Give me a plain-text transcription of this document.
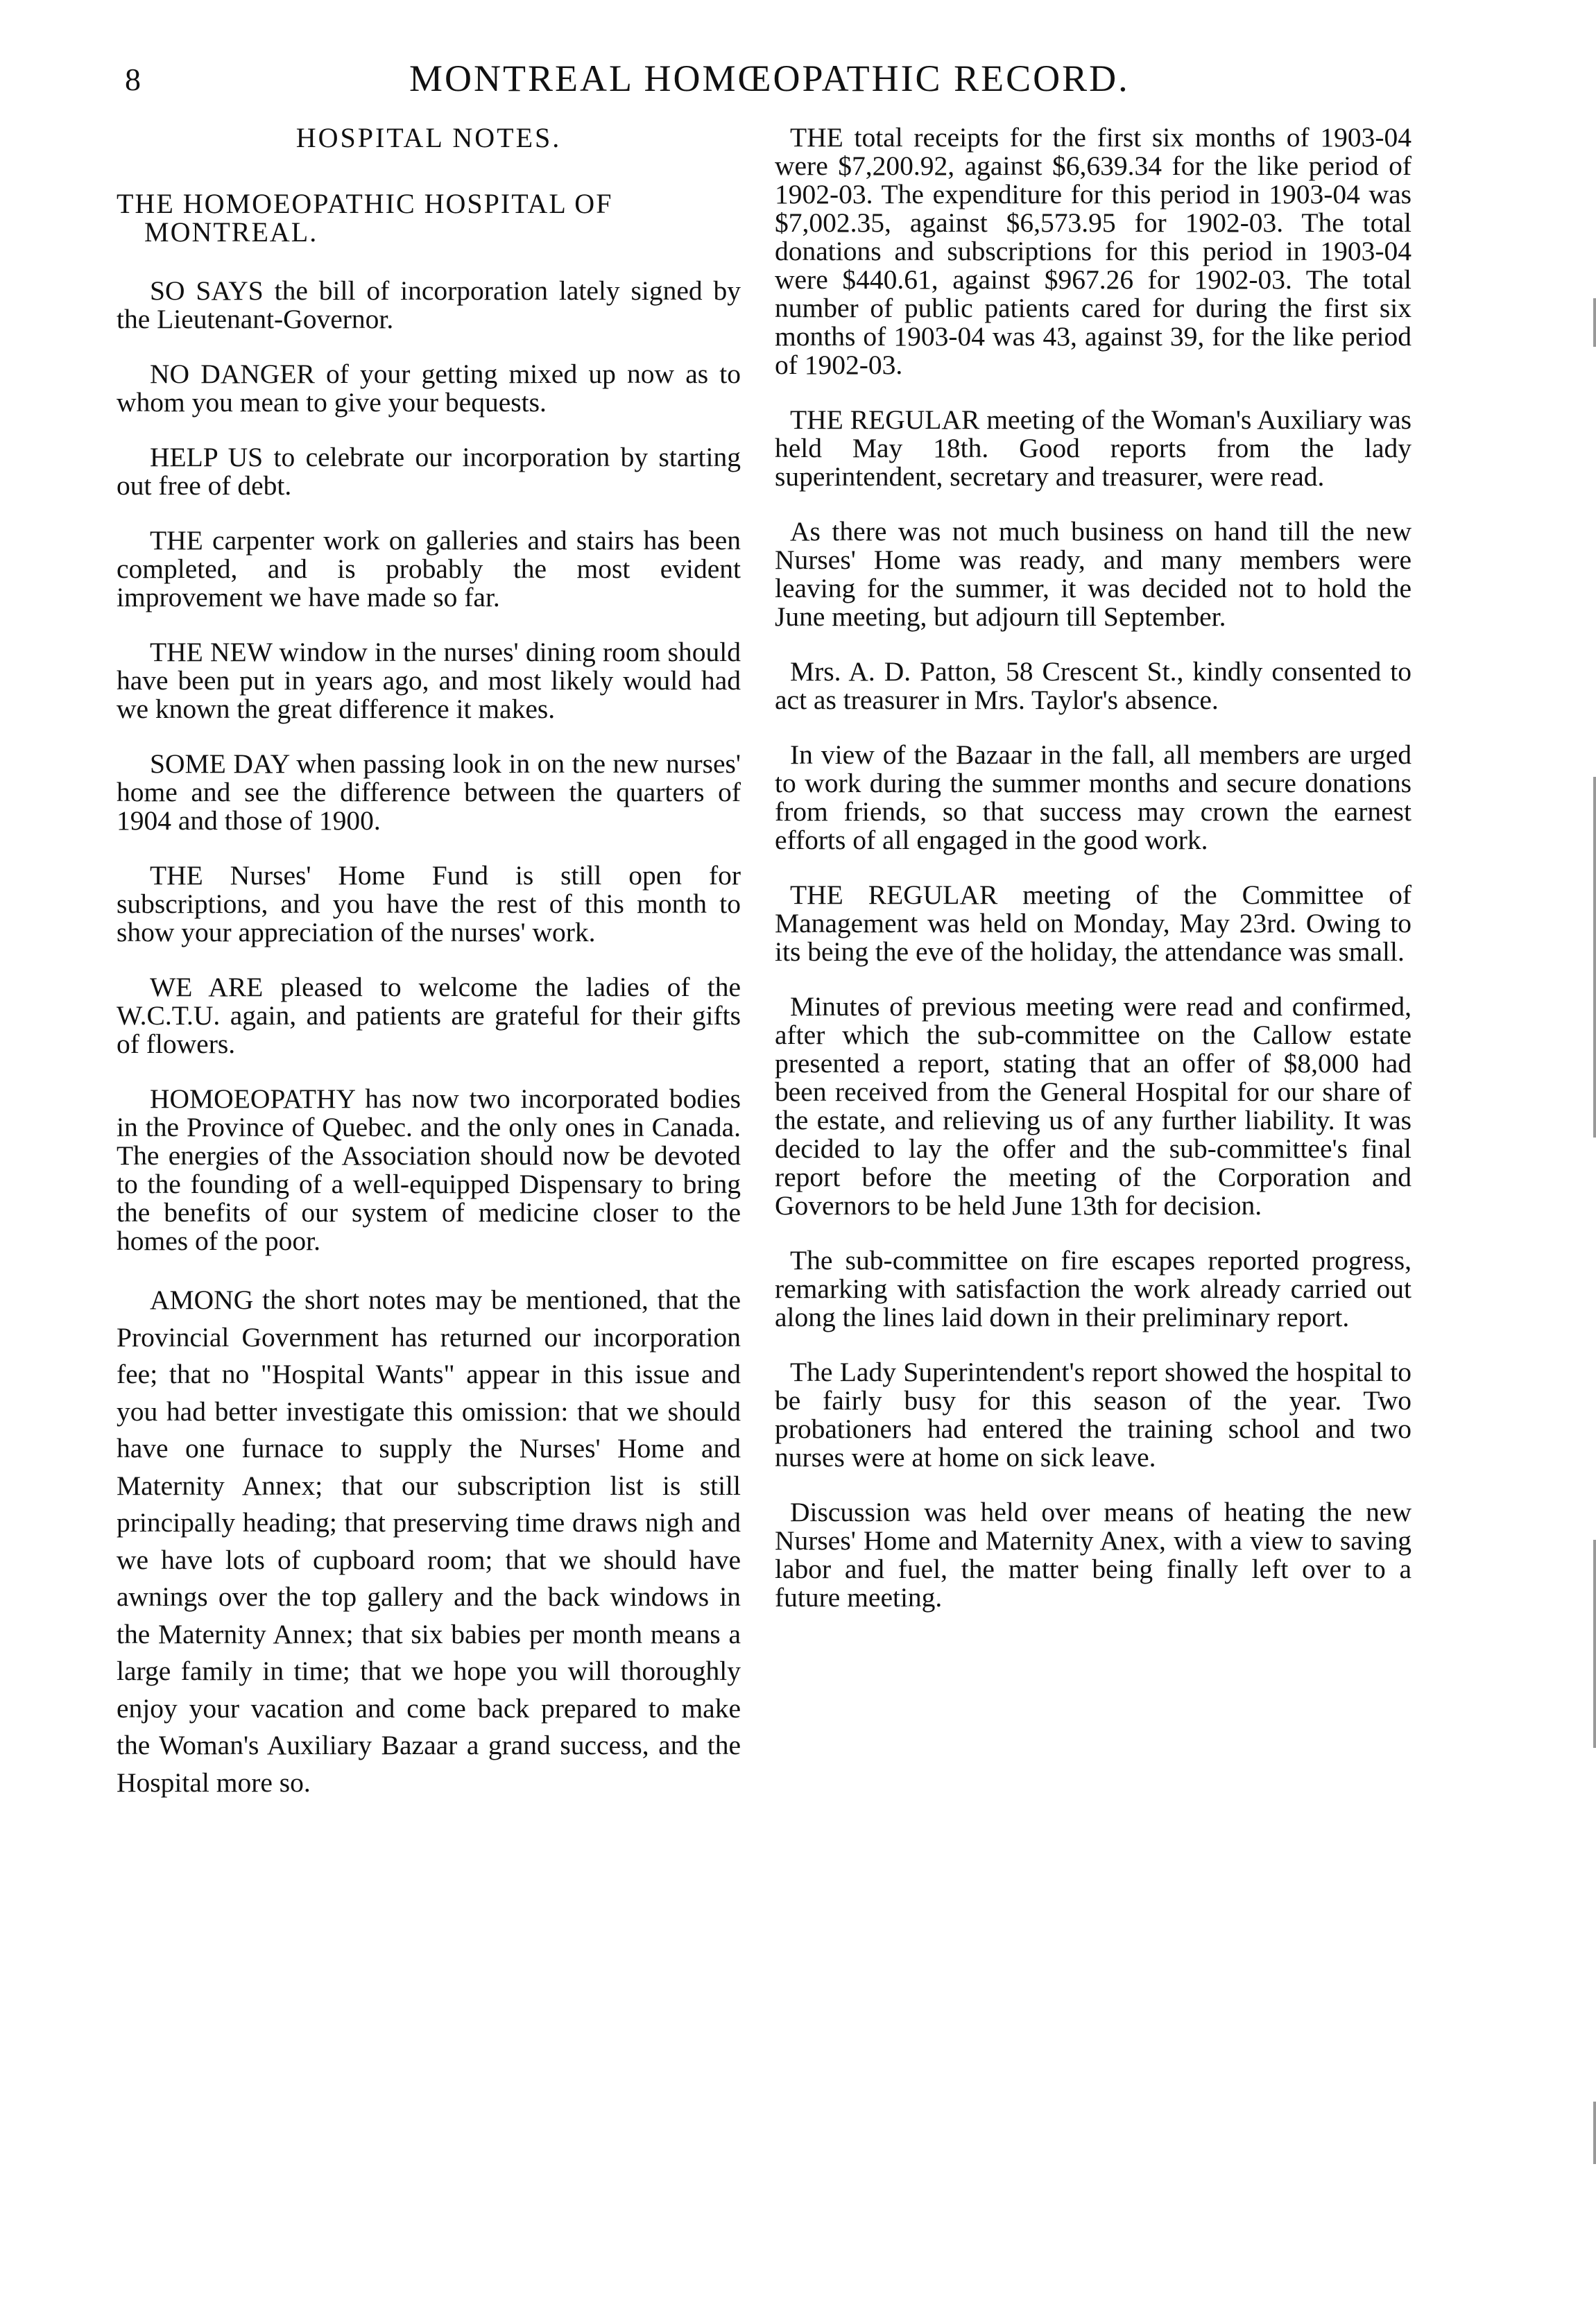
8	MONTREAL HOMŒOPATHIC RECORD.
HOSPITAL NOTES.
THE HOMOEOPATHIC HOSPITAL OF MONTREAL.

SO SAYS the bill of incorporation lately signed by the Lieutenant-Governor.

NO DANGER of your getting mixed up now as to whom you mean to give your bequests.

HELP US to celebrate our incorporation by starting out free of debt.

THE carpenter work on galleries and stairs has been completed, and is probably the most evident improvement we have made so far.

THE NEW window in the nurses' dining room should have been put in years ago, and most likely would had we known the great difference it makes.

SOME DAY when passing look in on the new nurses' home and see the difference between the quarters of 1904 and those of 1900.

THE Nurses' Home Fund is still open for subscriptions, and you have the rest of this month to show your appreciation of the nurses' work.

WE ARE pleased to welcome the ladies of the W.C.T.U. again, and patients are grateful for their gifts of flowers.

HOMOEOPATHY has now two incorporated bodies in the Province of Quebec. and the only ones in Canada. The energies of the Association should now be devoted to the founding of a well-equipped Dispensary to bring the benefits of our system of medicine closer to the homes of the poor.

AMONG the short notes may be mentioned, that the Provincial Government has returned our incorporation fee; that no "Hospital Wants" appear in this issue and you had better investigate this omission: that we should have one furnace to supply the Nurses' Home and Maternity Annex; that our subscription list is still principally heading; that preserving time draws nigh and we have lots of cupboard room; that we should have awnings over the top gallery and the back windows in the Maternity Annex; that six babies per month means a large family in time; that we hope you will thoroughly enjoy your vacation and come back prepared to make the Woman's Auxiliary Bazaar a grand success, and the Hospital more so.

THE total receipts for the first six months of 1903-04 were $7,200.92, against $6,639.34 for the like period of 1902-03. The expenditure for this period in 1903-04 was $7,002.35, against $6,573.95 for 1902-03. The total donations and subscriptions for this period in 1903-04 were $440.61, against $967.26 for 1902-03. The total number of public patients cared for during the first six months of 1903-04 was 43, against 39, for the like period of 1902-03.

THE REGULAR meeting of the Woman's Auxiliary was held May 18th. Good reports from the lady superintendent, secretary and treasurer, were read.

As there was not much business on hand till the new Nurses' Home was ready, and many members were leaving for the summer, it was decided not to hold the June meeting, but adjourn till September.

Mrs. A. D. Patton, 58 Crescent St., kindly consented to act as treasurer in Mrs. Taylor's absence.

In view of the Bazaar in the fall, all members are urged to work during the summer months and secure donations from friends, so that success may crown the earnest efforts of all engaged in the good work.

THE REGULAR meeting of the Committee of Management was held on Monday, May 23rd. Owing to its being the eve of the holiday, the attendance was small.

Minutes of previous meeting were read and confirmed, after which the sub-committee on the Callow estate presented a report, stating that an offer of $8,000 had been received from the General Hospital for our share of the estate, and relieving us of any further liability. It was decided to lay the offer and the sub-committee's final report before the meeting of the Corporation and Governors to be held June 13th for decision.

The sub-committee on fire escapes reported progress, remarking with satisfaction the work already carried out along the lines laid down in their preliminary report.

The Lady Superintendent's report showed the hospital to be fairly busy for this season of the year. Two probationers had entered the training school and two nurses were at home on sick leave.

Discussion was held over means of heating the new Nurses' Home and Maternity Anex, with a view to saving labor and fuel, the matter being finally left over to a future meeting.
